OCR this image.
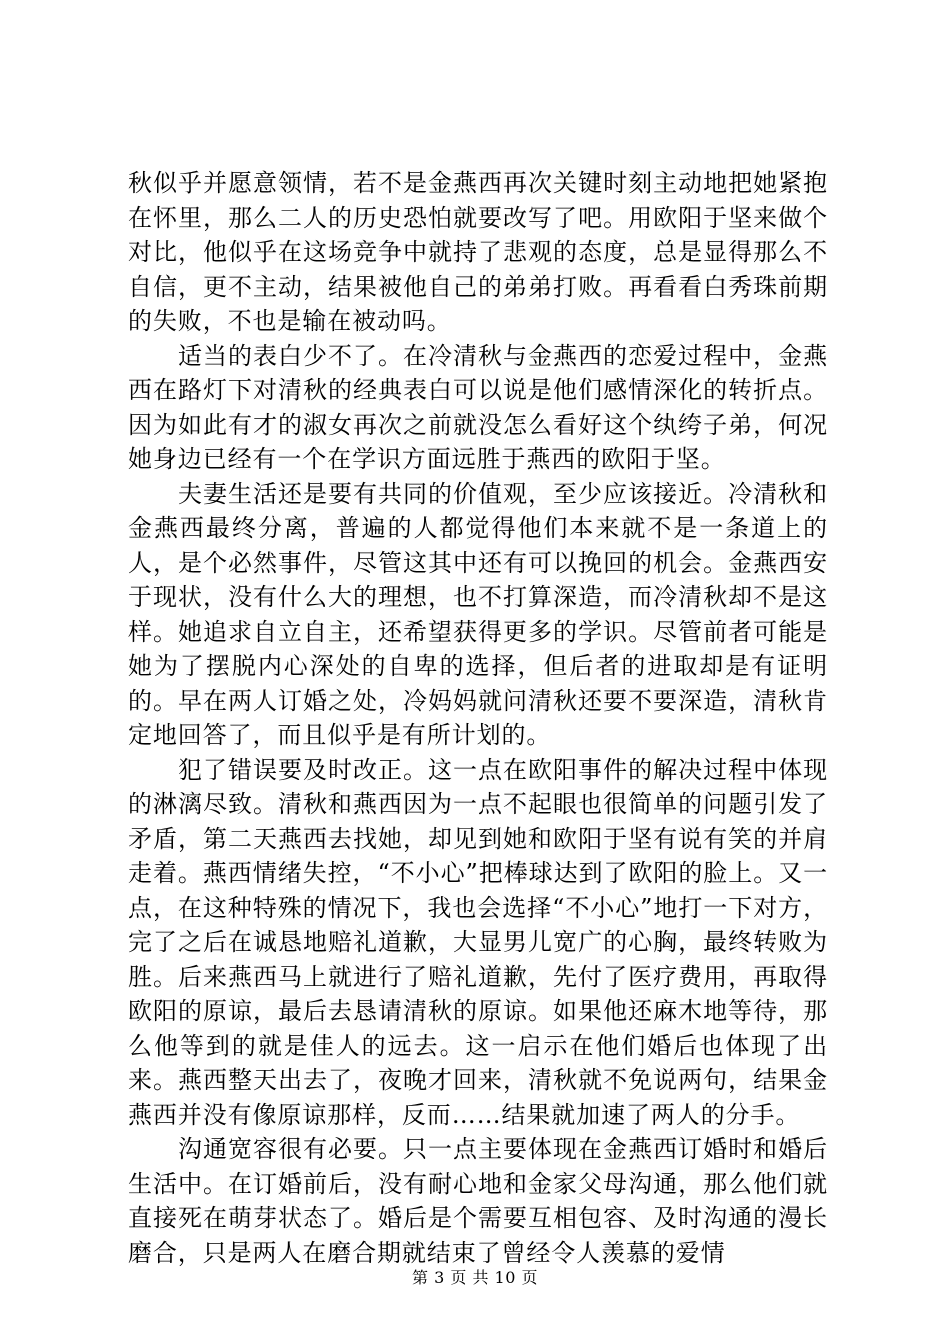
秋似乎并愿意领情，若不是金燕西再次关键时刻主动地把她紧抱在怀里，那么二人的历史恐怕就要改写了吧。用欧阳于坚来做个对比，他似乎在这场竞争中就持了悲观的态度，总是显得那么不自信，更不主动，结果被他自己的弟弟打败。再看看白秀珠前期的失败，不也是输在被动吗。

适当的表白少不了。在冷清秋与金燕西的恋爱过程中，金燕西在路灯下对清秋的经典表白可以说是他们感情深化的转折点。因为如此有才的淑女再次之前就没怎么看好这个纨绔子弟，何况她身边已经有一个在学识方面远胜于燕西的欧阳于坚。

夫妻生活还是要有共同的价值观，至少应该接近。冷清秋和金燕西最终分离，普遍的人都觉得他们本来就不是一条道上的人，是个必然事件，尽管这其中还有可以挽回的机会。金燕西安于现状，没有什么大的理想，也不打算深造，而冷清秋却不是这样。她追求自立自主，还希望获得更多的学识。尽管前者可能是她为了摆脱内心深处的自卑的选择，但后者的进取却是有证明的。早在两人订婚之处，冷妈妈就问清秋还要不要深造，清秋肯定地回答了，而且似乎是有所计划的。

犯了错误要及时改正。这一点在欧阳事件的解决过程中体现的淋漓尽致。清秋和燕西因为一点不起眼也很简单的问题引发了矛盾，第二天燕西去找她，却见到她和欧阳于坚有说有笑的并肩走着。燕西情绪失控，“不小心”把棒球达到了欧阳的脸上。又一点，在这种特殊的情况下，我也会选择“不小心”地打一下对方，完了之后在诚恳地赔礼道歉，大显男儿宽广的心胸，最终转败为胜。后来燕西马上就进行了赔礼道歉，先付了医疗费用，再取得欧阳的原谅，最后去恳请清秋的原谅。如果他还麻木地等待，那么他等到的就是佳人的远去。这一启示在他们婚后也体现了出来。燕西整天出去了，夜晚才回来，清秋就不免说两句，结果金燕西并没有像原谅那样，反而……结果就加速了两人的分手。

沟通宽容很有必要。只一点主要体现在金燕西订婚时和婚后生活中。在订婚前后，没有耐心地和金家父母沟通，那么他们就直接死在萌芽状态了。婚后是个需要互相包容、及时沟通的漫长磨合，只是两人在磨合期就结束了曾经令人羡慕的爱情

第 3 页 共 10 页
